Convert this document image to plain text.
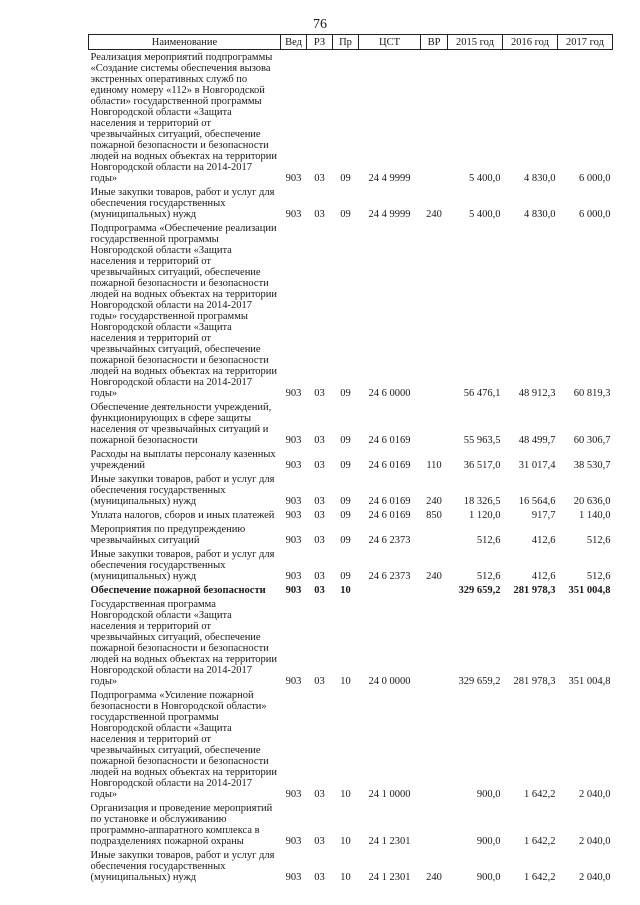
76
Наименование	Вед	РЗ	Пр	ЦСТ	ВР	2015 год	2016 год	2017 год
Реализация мероприятий подпрограммы «Создание системы обеспечения вызова экстренных оперативных служб по единому номеру «112» в Новгородской области» государственной программы Новгородской области «Защита населения и территорий от чрезвычайных ситуаций, обеспечение пожарной безопасности и безопасности людей на водных объектах на территории Новгородской области на 2014-2017 годы»	903	03	09	24 4 9999		5 400,0	4 830,0	6 000,0
Иные закупки товаров, работ и услуг для обеспечения государственных (муниципальных) нужд	903	03	09	24 4 9999	240	5 400,0	4 830,0	6 000,0
Подпрограмма «Обеспечение реализации государственной программы Новгородской области «Защита населения и территорий от чрезвычайных ситуаций, обеспечение пожарной безопасности и безопасности людей на водных объектах на территории Новгородской области на 2014-2017 годы» государственной программы Новгородской области «Защита населения и территорий от чрезвычайных ситуаций, обеспечение пожарной безопасности и безопасности людей на водных объектах на территории Новгородской области на 2014-2017 годы»	903	03	09	24 6 0000		56 476,1	48 912,3	60 819,3
Обеспечение деятельности учреждений, функционирующих в сфере защиты населения от чрезвычайных ситуаций и пожарной безопасности	903	03	09	24 6 0169		55 963,5	48 499,7	60 306,7
Расходы на выплаты персоналу казенных учреждений	903	03	09	24 6 0169	110	36 517,0	31 017,4	38 530,7
Иные закупки товаров, работ и услуг для обеспечения государственных (муниципальных) нужд	903	03	09	24 6 0169	240	18 326,5	16 564,6	20 636,0
Уплата налогов, сборов и иных платежей	903	03	09	24 6 0169	850	1 120,0	917,7	1 140,0
Мероприятия по предупреждению чрезвычайных ситуаций	903	03	09	24 6 2373		512,6	412,6	512,6
Иные закупки товаров, работ и услуг для обеспечения государственных (муниципальных) нужд	903	03	09	24 6 2373	240	512,6	412,6	512,6
Обеспечение пожарной безопасности	903	03	10			329 659,2	281 978,3	351 004,8
Государственная программа Новгородской области «Защита населения и территорий от чрезвычайных ситуаций, обеспечение пожарной безопасности и безопасности людей на водных объектах на территории Новгородской области на 2014-2017 годы»	903	03	10	24 0 0000		329 659,2	281 978,3	351 004,8
Подпрограмма «Усиление пожарной безопасности в Новгородской области» государственной программы Новгородской области «Защита населения и территорий от чрезвычайных ситуаций, обеспечение пожарной безопасности и безопасности людей на водных объектах на территории Новгородской области на 2014-2017 годы»	903	03	10	24 1 0000		900,0	1 642,2	2 040,0
Организация и проведение мероприятий по установке и обслуживанию программно-аппаратного комплекса в подразделениях пожарной охраны	903	03	10	24 1 2301		900,0	1 642,2	2 040,0
Иные закупки товаров, работ и услуг для обеспечения государственных (муниципальных) нужд	903	03	10	24 1 2301	240	900,0	1 642,2	2 040,0
